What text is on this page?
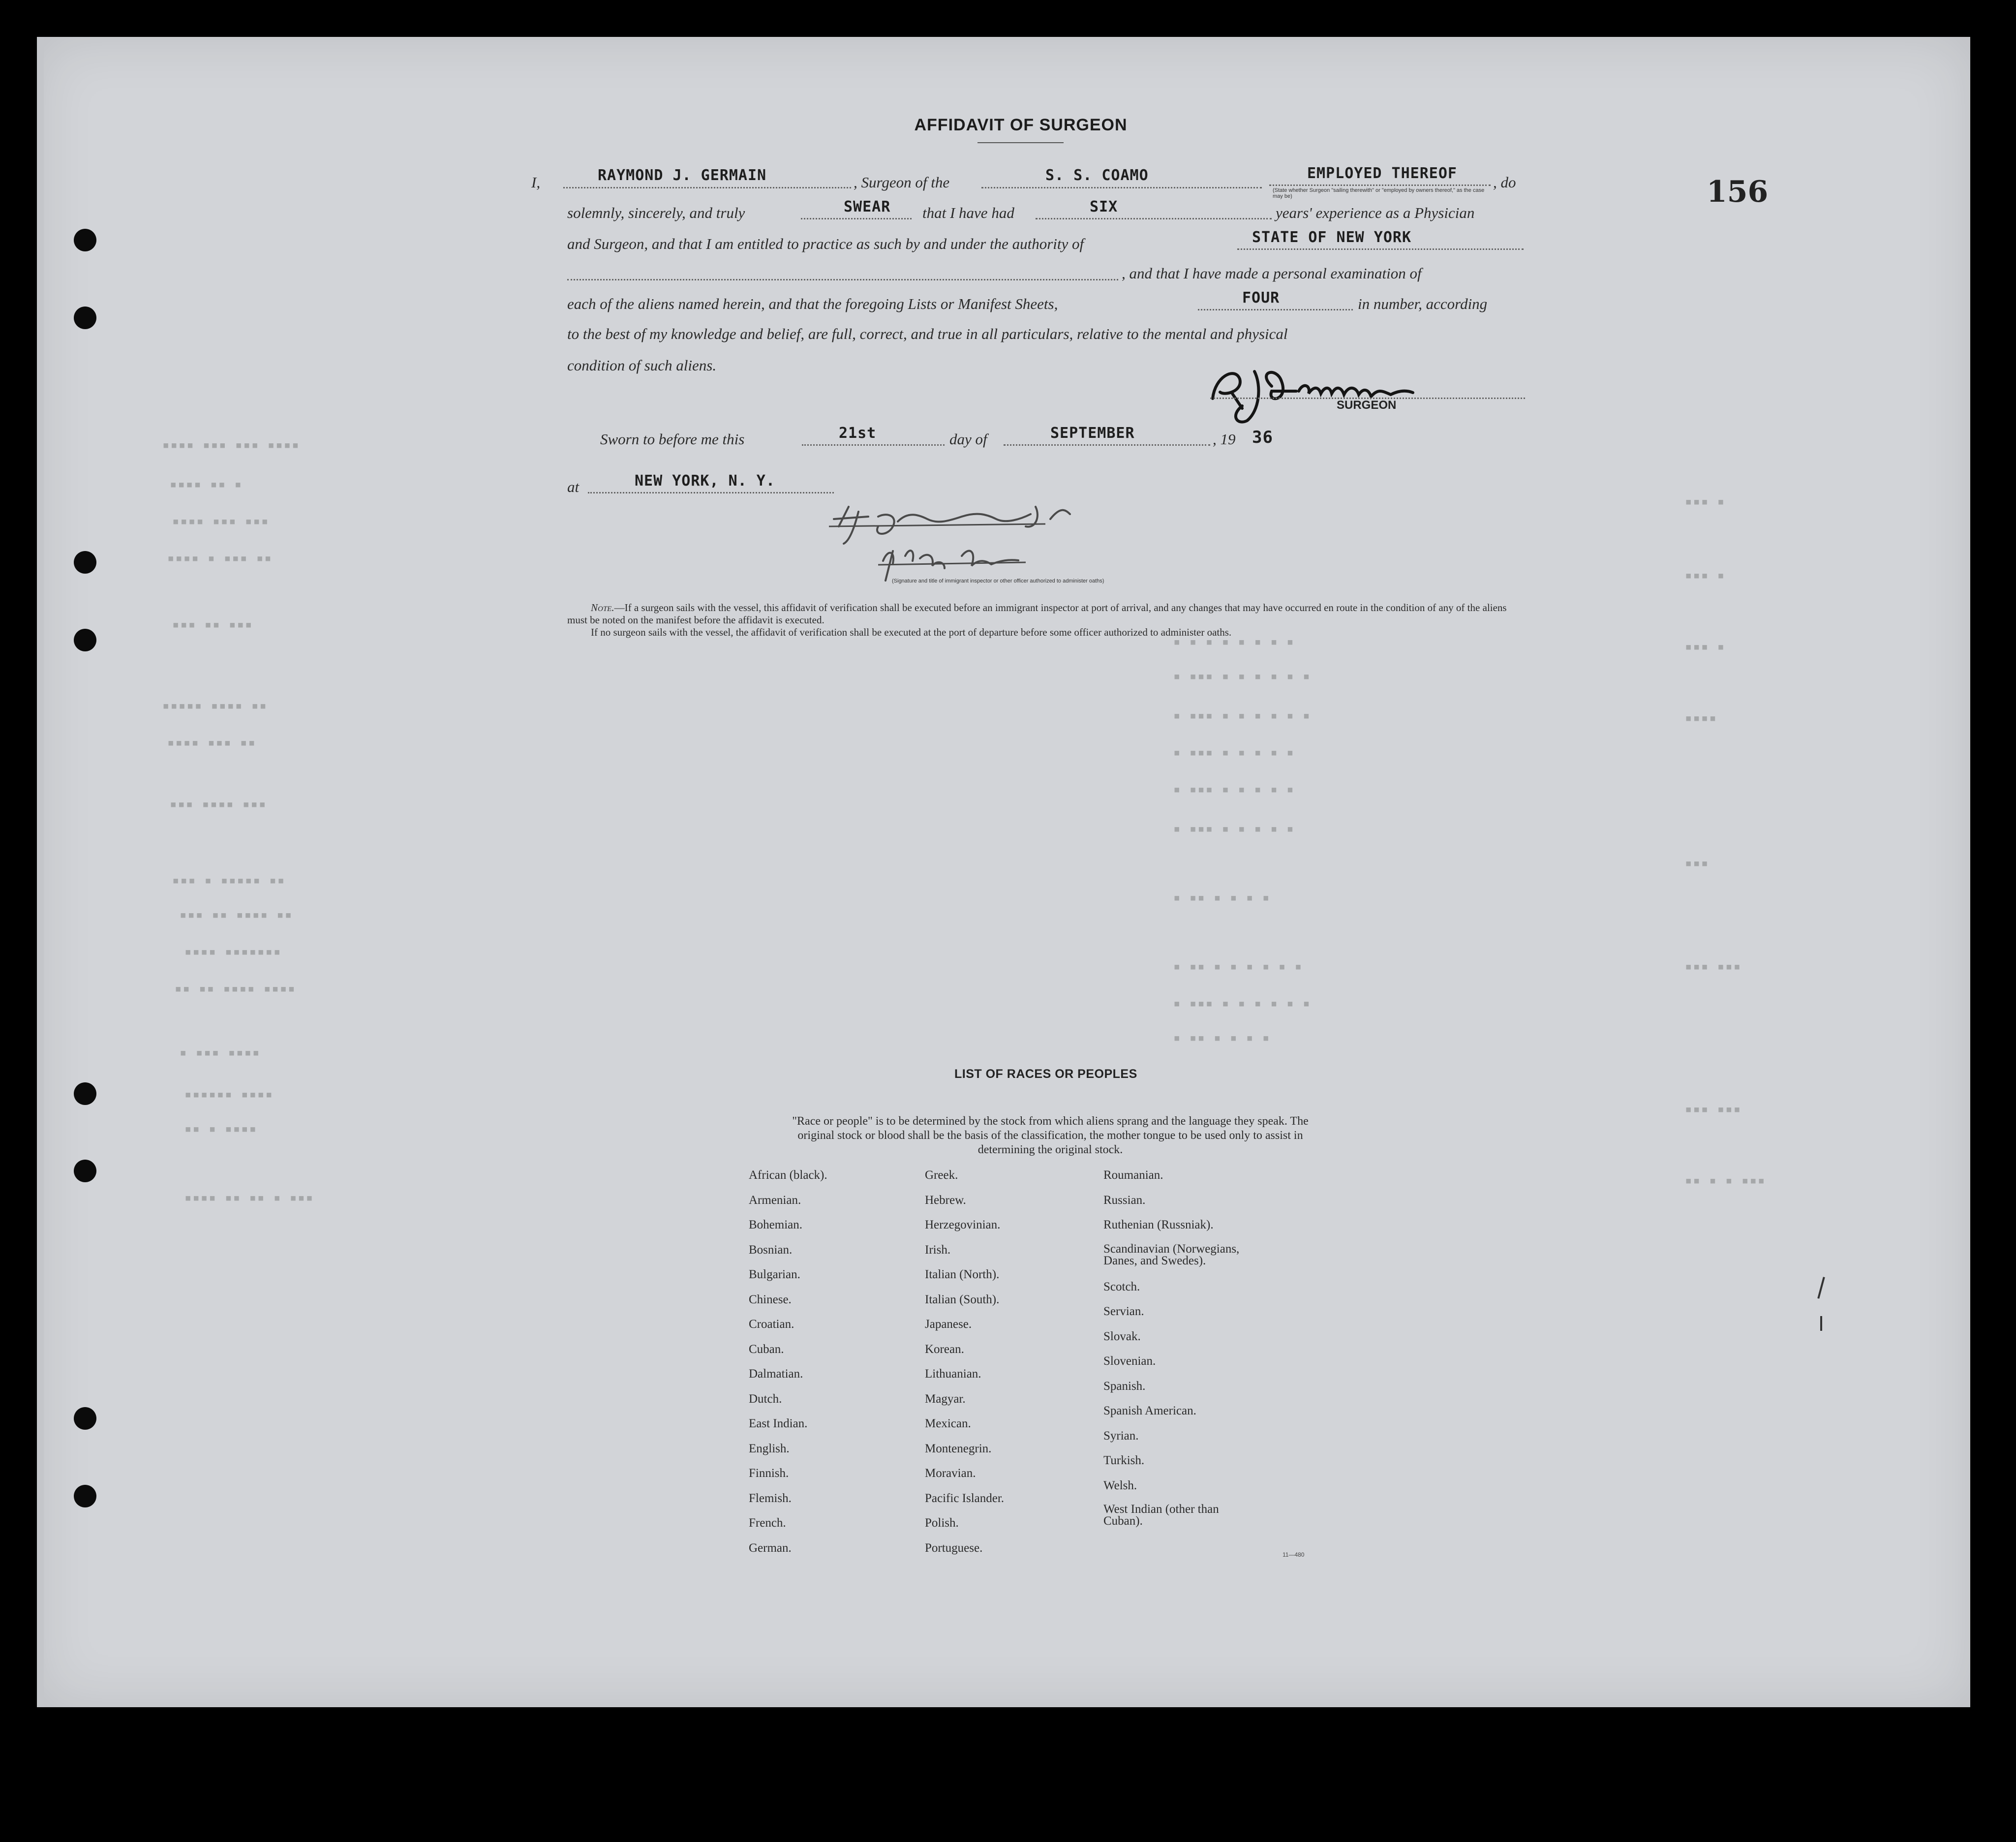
156
▪▪▪▪ ▪▪▪ ▪▪▪ ▪▪▪▪
▪▪▪▪ ▪▪ ▪
▪▪▪▪ ▪▪▪ ▪▪▪
▪▪▪▪ ▪ ▪▪▪ ▪▪
▪▪▪ ▪▪ ▪▪▪
▪▪▪▪▪ ▪▪▪▪ ▪▪
▪▪▪▪ ▪▪▪ ▪▪
▪▪▪ ▪▪▪▪ ▪▪▪
▪▪▪ ▪ ▪▪▪▪▪ ▪▪
▪▪▪ ▪▪ ▪▪▪▪ ▪▪
▪▪▪▪ ▪▪▪▪▪▪▪
▪▪ ▪▪ ▪▪▪▪ ▪▪▪▪
▪ ▪▪▪ ▪▪▪▪
▪▪▪▪▪▪ ▪▪▪▪
▪▪ ▪ ▪▪▪▪
▪▪▪▪ ▪▪ ▪▪ ▪ ▪▪▪
▪ ▪ ▪ ▪ ▪ ▪ ▪ ▪
▪ ▪▪▪ ▪ ▪ ▪ ▪ ▪ ▪
▪ ▪▪▪ ▪ ▪ ▪ ▪ ▪ ▪
▪ ▪▪▪ ▪ ▪ ▪ ▪ ▪
▪ ▪▪▪ ▪ ▪ ▪ ▪ ▪
▪ ▪▪▪ ▪ ▪ ▪ ▪ ▪
▪ ▪▪ ▪ ▪ ▪ ▪
▪ ▪▪ ▪ ▪ ▪ ▪ ▪ ▪
▪ ▪▪▪ ▪ ▪ ▪ ▪ ▪ ▪
▪ ▪▪ ▪ ▪ ▪ ▪
▪▪▪ ▪
▪▪▪ ▪
▪▪▪ ▪
▪▪▪▪
▪▪▪
▪▪▪ ▪▪▪
▪▪▪ ▪▪▪
▪▪ ▪ ▪ ▪▪▪
AFFIDAVIT OF SURGEON
I,	RAYMOND J. GERMAIN	, Surgeon of the	S. S. COAMO	EMPLOYED THEREOF
(State whether Surgeon "sailing therewith" or "employed by owners thereof," as the case may be)
, do
solemnly, sincerely, and truly	SWEAR that I have had	SIX	years' experience as a Physician
and Surgeon, and that I am entitled to practice as such by and under the authority of	STATE OF NEW YORK
, and that I have made a personal examination of
each of the aliens named herein, and that the foregoing Lists or Manifest Sheets,	FOUR	in number, according
to the best of my knowledge and belief, are full, correct, and true in all particulars, relative to the mental and physical
condition of such aliens.
SURGEON
Sworn to before me this	21st	day of	SEPTEMBER	, 19 36
at	NEW YORK, N. Y.
(Signature and title of immigrant inspector or other officer authorized to administer oaths)
Note.—If a surgeon sails with the vessel, this affidavit of verification shall be executed before an immigrant inspector at port of arrival, and any changes that may have occurred en route in the condition of any of the aliens must be noted on the manifest before the affidavit is executed.
If no surgeon sails with the vessel, the affidavit of verification shall be executed at the port of departure before some officer authorized to administer oaths.
LIST OF RACES OR PEOPLES
"Race or people" is to be determined by the stock from which aliens sprang and the language they speak. The original stock or blood shall be the basis of the classification, the mother tongue to be used only to assist in determining the original stock.
African (black).
Armenian.
Bohemian.
Bosnian.
Bulgarian.
Chinese.
Croatian.
Cuban.
Dalmatian.
Dutch.
East Indian.
English.
Finnish.
Flemish.
French.
German.
Greek.
Hebrew.
Herzegovinian.
Irish.
Italian (North).
Italian (South).
Japanese.
Korean.
Lithuanian.
Magyar.
Mexican.
Montenegrin.
Moravian.
Pacific Islander.
Polish.
Portuguese.
Roumanian.
Russian.
Ruthenian (Russniak).
Scandinavian (Norwegians, Danes, and Swedes).
Scotch.
Servian.
Slovak.
Slovenian.
Spanish.
Spanish American.
Syrian.
Turkish.
Welsh.
West Indian (other than Cuban).
11—480
